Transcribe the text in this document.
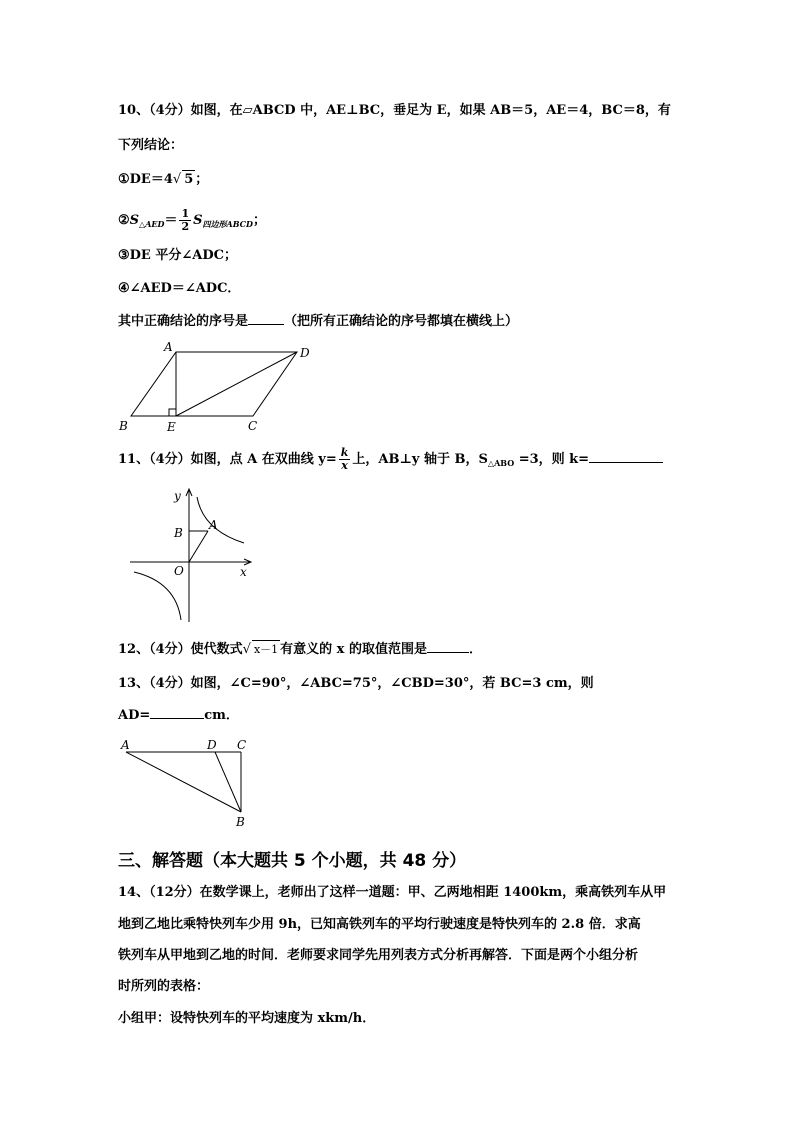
10、（4分）如图，在▱ABCD 中，AE⊥BC，垂足为 E，如果 AB＝5，AE＝4，BC＝8，有
下列结论：
①DE＝4√ 5 ；
$②S_{\triangle AED}= \frac{1}{2} S_{四边形ABCD}$；
③DE 平分∠ADC；
④∠AED＝∠ADC．
其中正确结论的序号是	（把所有正确结论的序号都填在横线上）
A	D
B	E	C
11、（4分）如图，点 A 在双曲线 $y= \frac{k}{x}$ 上，AB⊥y 轴于 B，$S_{\triangle ABO} =3$，则 k=
y
x
B
A
O
12、（4分）使代数式√ x－1 有意义的 x 的取值范围是	．
13、（4分）如图，∠C=90°，∠ABC=75°，∠CBD=30°，若 BC=3 cm，则
AD=	cm．
A	D C
B
三、解答题（本大题共 5 个小题，共 48 分）
14、（12分）在数学课上，老师出了这样一道题：甲、乙两地相距 1400km，乘高铁列车从甲
地到乙地比乘特快列车少用 9h，已知高铁列车的平均行驶速度是特快列车的 2.8 倍．求高
铁列车从甲地到乙地的时间．老师要求同学先用列表方式分析再解答．下面是两个小组分析
时所列的表格：
小组甲：设特快列车的平均速度为 xkm/h．
